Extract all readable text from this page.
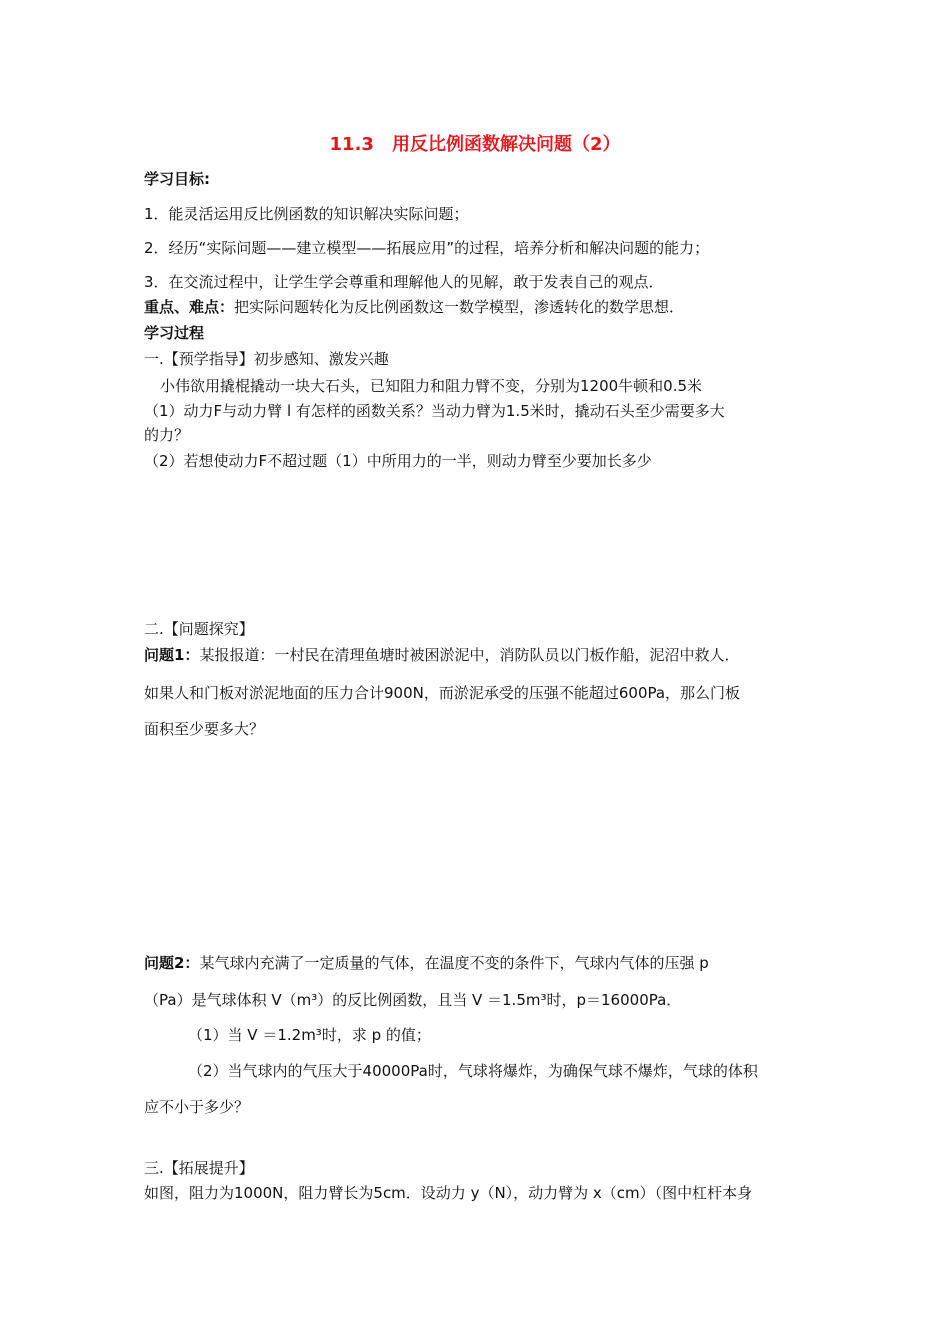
11.3　用反比例函数解决问题（2）
学习目标:
1．能灵活运用反比例函数的知识解决实际问题；
2．经历“实际问题——建立模型——拓展应用”的过程，培养分析和解决问题的能力；
3．在交流过程中，让学生学会尊重和理解他人的见解，敢于发表自己的观点．
重点、难点：把实际问题转化为反比例函数这一数学模型，渗透转化的数学思想．
学习过程
一.【预学指导】初步感知、激发兴趣
小伟欲用撬棍撬动一块大石头，已知阻力和阻力臂不变，分别为1200牛顿和0.5米
（1）动力F与动力臂 l 有怎样的函数关系？当动力臂为1.5米时，撬动石头至少需要多大
的力？
（2）若想使动力F不超过题（1）中所用力的一半，则动力臂至少要加长多少
二.【问题探究】
问题1：某报报道：一村民在清理鱼塘时被困淤泥中，消防队员以门板作船，泥沼中救人．
如果人和门板对淤泥地面的压力合计900N，而淤泥承受的压强不能超过600Pa，那么门板
面积至少要多大？
问题2：某气球内充满了一定质量的气体，在温度不变的条件下，气球内气体的压强 p
（Pa）是气球体积 V（m³）的反比例函数，且当 V ＝1.5m³时，p＝16000Pa．
（1）当 V ＝1.2m³时，求 p 的值；
（2）当气球内的气压大于40000Pa时，气球将爆炸，为确保气球不爆炸，气球的体积
应不小于多少？
三.【拓展提升】
如图，阻力为1000N，阻力臂长为5cm．设动力 y（N），动力臂为 x（cm）（图中杠杆本身
